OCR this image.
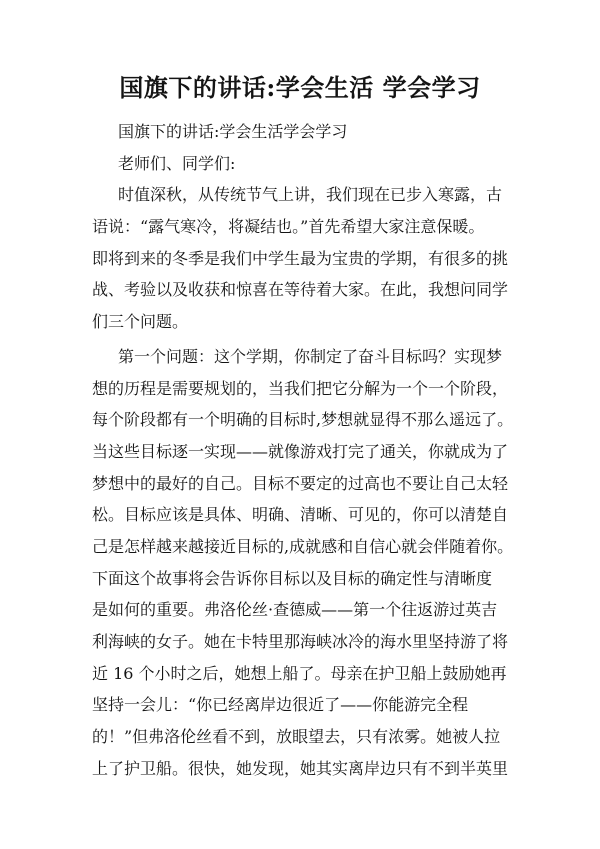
国旗下的讲话:学会生活 学会学习
国旗下的讲话:学会生活学会学习
老师们、同学们:
时值深秋，从传统节气上讲，我们现在已步入寒露，古
语说：“露气寒冷，将凝结也。”首先希望大家注意保暖。
即将到来的冬季是我们中学生最为宝贵的学期，有很多的挑
战、考验以及收获和惊喜在等待着大家。在此，我想问同学
们三个问题。
第一个问题：这个学期，你制定了奋斗目标吗？实现梦
想的历程是需要规划的，当我们把它分解为一个一个阶段，
每个阶段都有一个明确的目标时,梦想就显得不那么遥远了。
当这些目标逐一实现——就像游戏打完了通关，你就成为了
梦想中的最好的自己。目标不要定的过高也不要让自己太轻
松。目标应该是具体、明确、清晰、可见的，你可以清楚自
己是怎样越来越接近目标的,成就感和自信心就会伴随着你。
下面这个故事将会告诉你目标以及目标的确定性与清晰度
是如何的重要。弗洛伦丝·查德威——第一个往返游过英吉
利海峡的女子。她在卡特里那海峡冰冷的海水里坚持游了将
近 16 个小时之后，她想上船了。母亲在护卫船上鼓励她再
坚持一会儿：“你已经离岸边很近了——你能游完全程
的！”但弗洛伦丝看不到，放眼望去，只有浓雾。她被人拉
上了护卫船。很快，她发现，她其实离岸边只有不到半英里
